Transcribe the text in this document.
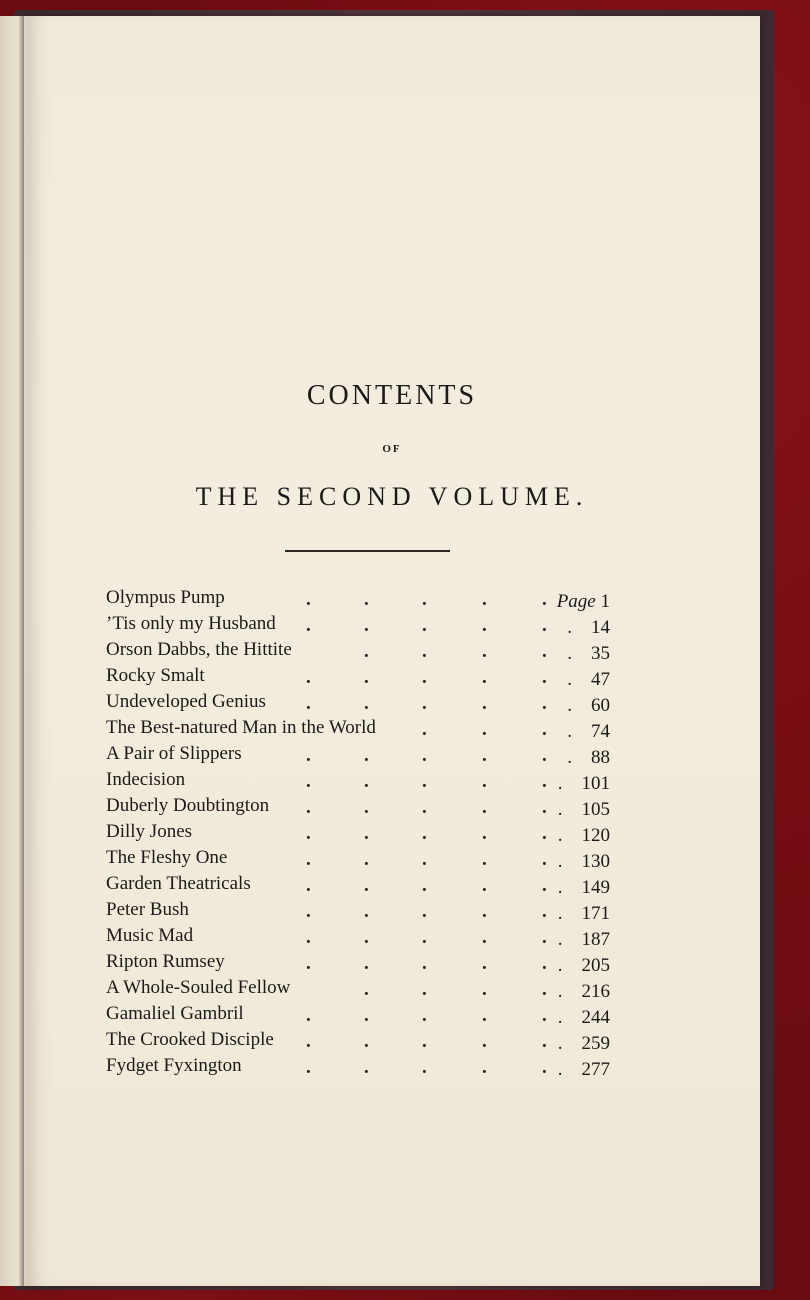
CONTENTS
OF
THE SECOND VOLUME.
Olympus Pump	Page 1
.	.	.	.	.
’Tis only my Husband	. 14
.	.	.	.	.
Orson Dabbs, the Hittite	. 35
.	.	.	.
Rocky Smalt	. 47
.	.	.	.	.
Undeveloped Genius	. 60
.	.	.	.	.
The Best-natured Man in the World	. 74
.	.	.
A Pair of Slippers	. 88
.	.	.	.	.
Indecision	. 101
.	.	.	.	.
Duberly Doubtington	. 105
.	.	.	.	.
Dilly Jones	. 120
.	.	.	.	.
The Fleshy One	. 130
.	.	.	.	.
Garden Theatricals	. 149
.	.	.	.	.
Peter Bush	. 171
.	.	.	.	.
Music Mad	. 187
.	.	.	.	.
Ripton Rumsey	. 205
.	.	.	.	.
A Whole-Souled Fellow	. 216
.	.	.	.
Gamaliel Gambril	. 244
.	.	.	.	.
The Crooked Disciple	. 259
.	.	.	.	.
Fydget Fyxington	. 277
.	.	.	.	.
